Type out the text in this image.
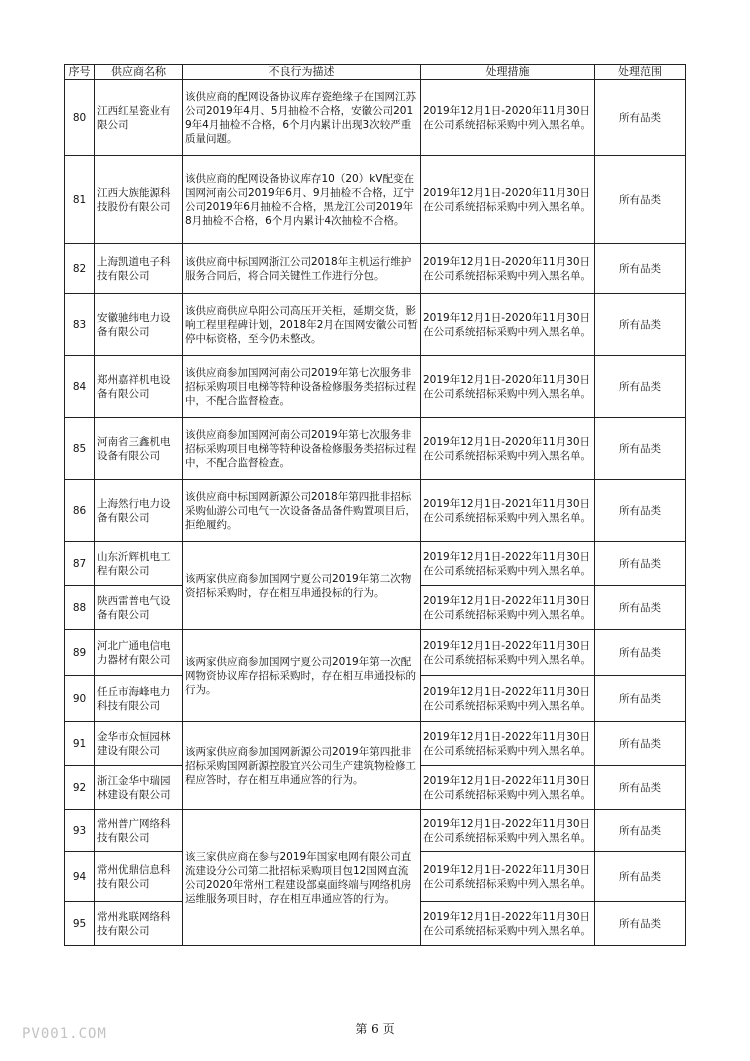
序号	供应商名称	不良行为描述	处理措施	处理范围
80	江西红星瓷业有限公司	该供应商的配网设备协议库存瓷绝缘子在国网江苏公司2019年4月、5月抽检不合格，安徽公司2019年4月抽检不合格，6个月内累计出现3次较严重质量问题。	2019年12月1日-2020年11月30日在公司系统招标采购中列入黑名单。	所有品类
81	江西大族能源科技股份有限公司	该供应商的配网设备协议库存10（20）kV配变在国网河南公司2019年6月、9月抽检不合格，辽宁公司2019年6月抽检不合格，黑龙江公司2019年8月抽检不合格，6个月内累计4次抽检不合格。	2019年12月1日-2020年11月30日在公司系统招标采购中列入黑名单。	所有品类
82	上海凯道电子科技有限公司	该供应商中标国网浙江公司2018年主机运行维护服务合同后，将合同关键性工作进行分包。	2019年12月1日-2020年11月30日在公司系统招标采购中列入黑名单。	所有品类
83	安徽驰纬电力设备有限公司	该供应商供应阜阳公司高压开关柜，延期交货，影响工程里程碑计划，2018年2月在国网安徽公司暂停中标资格，至今仍未整改。	2019年12月1日-2020年11月30日在公司系统招标采购中列入黑名单。	所有品类
84	郑州嘉祥机电设备有限公司	该供应商参加国网河南公司2019年第七次服务非招标采购项目电梯等特种设备检修服务类招标过程中，不配合监督检查。	2019年12月1日-2020年11月30日在公司系统招标采购中列入黑名单。	所有品类
85	河南省三鑫机电设备有限公司	该供应商参加国网河南公司2019年第七次服务非招标采购项目电梯等特种设备检修服务类招标过程中，不配合监督检查。	2019年12月1日-2020年11月30日在公司系统招标采购中列入黑名单。	所有品类
86	上海然行电力设备有限公司	该供应商中标国网新源公司2018年第四批非招标采购仙游公司电气一次设备备品备件购置项目后，拒绝履约。	2019年12月1日-2021年11月30日在公司系统招标采购中列入黑名单。	所有品类
87	山东沂辉机电工程有限公司	该两家供应商参加国网宁夏公司2019年第二次物资招标采购时，存在相互串通投标的行为。	2019年12月1日-2022年11月30日在公司系统招标采购中列入黑名单。	所有品类
88	陕西雷普电气设备有限公司		2019年12月1日-2022年11月30日在公司系统招标采购中列入黑名单。	所有品类
89	河北广通电信电力器材有限公司	该两家供应商参加国网宁夏公司2019年第一次配网物资协议库存招标采购时，存在相互串通投标的行为。	2019年12月1日-2022年11月30日在公司系统招标采购中列入黑名单。	所有品类
90	任丘市海峰电力科技有限公司		2019年12月1日-2022年11月30日在公司系统招标采购中列入黑名单。	所有品类
91	金华市众恒园林建设有限公司	该两家供应商参加国网新源公司2019年第四批非招标采购国网新源控股宜兴公司生产建筑物检修工程应答时，存在相互串通应答的行为。	2019年12月1日-2022年11月30日在公司系统招标采购中列入黑名单。	所有品类
92	浙江金华中瑞园林建设有限公司		2019年12月1日-2022年11月30日在公司系统招标采购中列入黑名单。	所有品类
93	常州普广网络科技有限公司	该三家供应商在参与2019年国家电网有限公司直流建设分公司第二批招标采购项目包12国网直流公司2020年常州工程建设部桌面终端与网络机房运维服务项目时，存在相互串通应答的行为。	2019年12月1日-2022年11月30日在公司系统招标采购中列入黑名单。	所有品类
94	常州优鼎信息科技有限公司		2019年12月1日-2022年11月30日在公司系统招标采购中列入黑名单。	所有品类
95	常州兆联网络科技有限公司		2019年12月1日-2022年11月30日在公司系统招标采购中列入黑名单。	所有品类
第 6 页
PV001.COM
